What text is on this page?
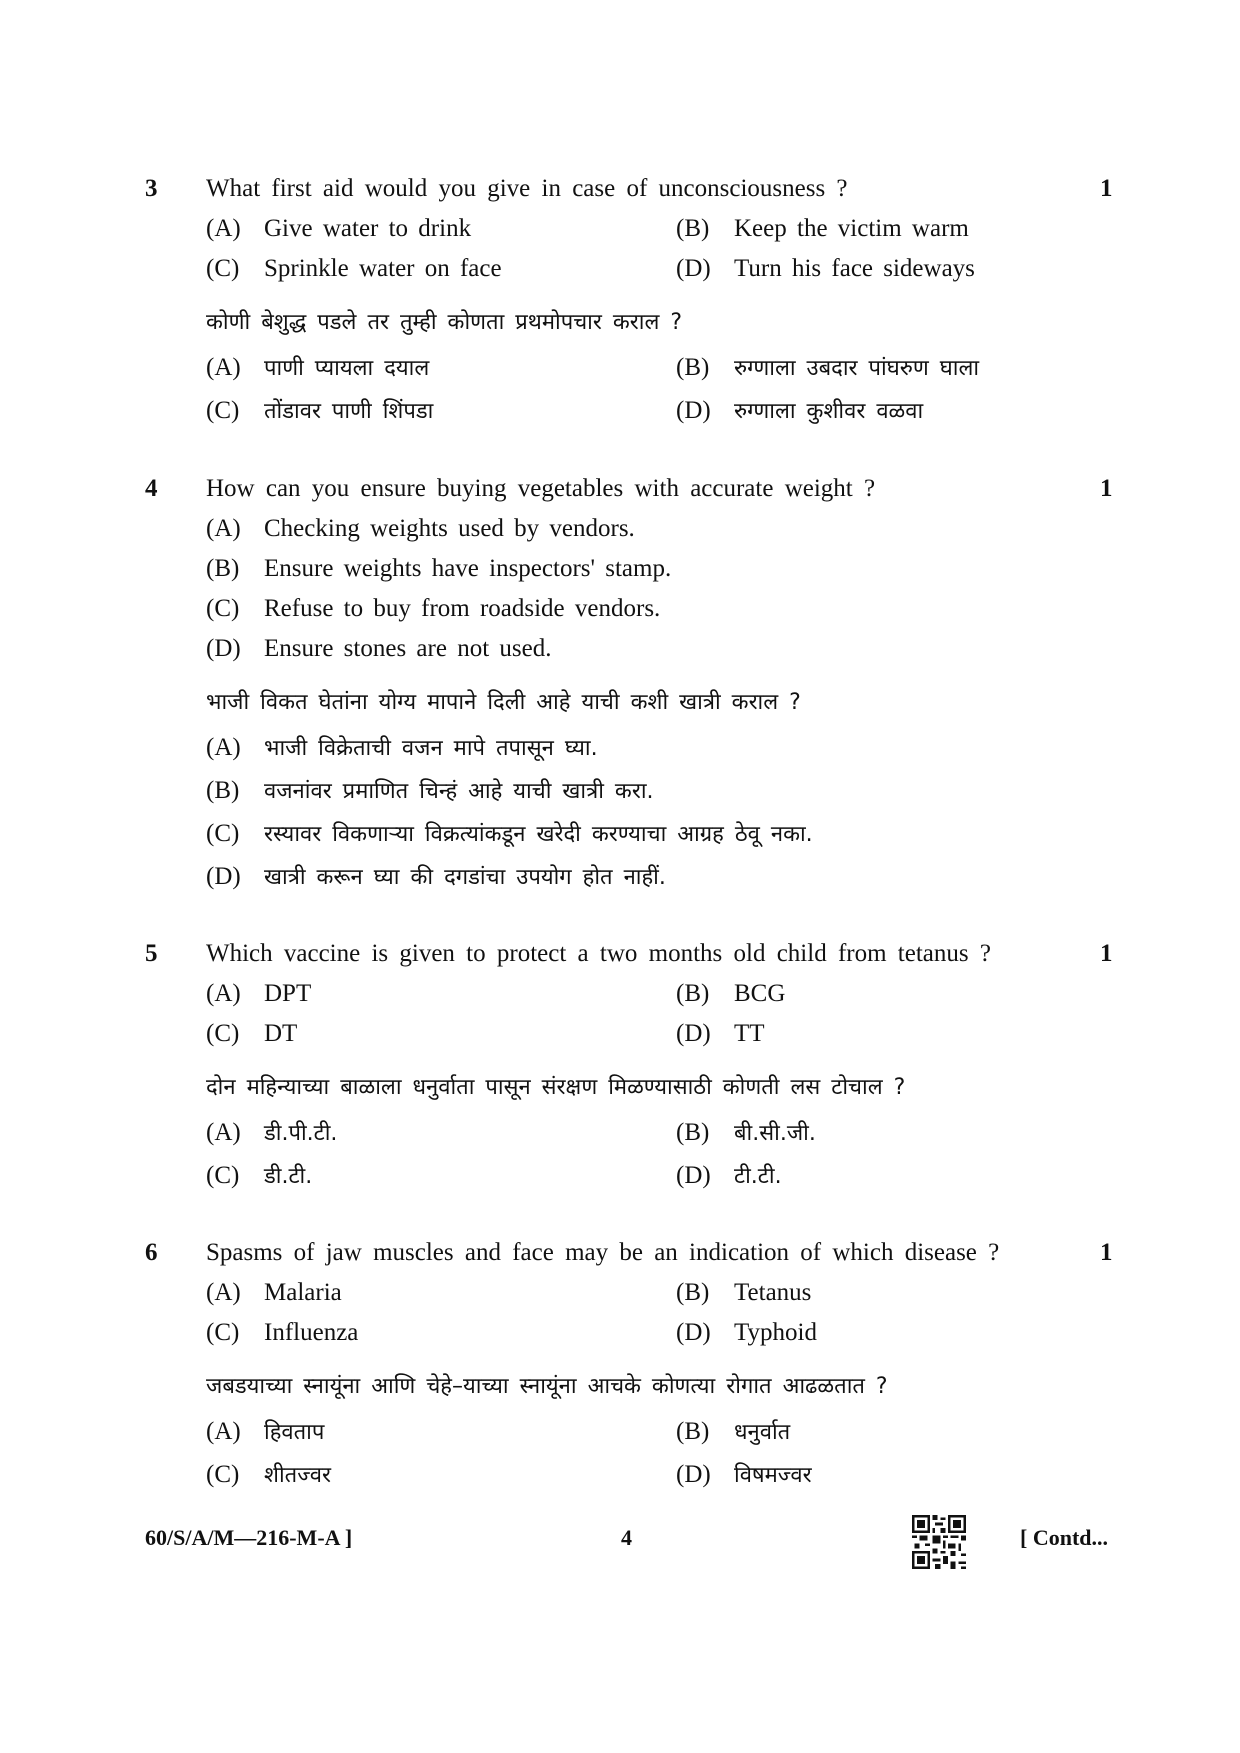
3 What first aid would you give in case of unconsciousness ?	1
(A) Give water to drink	(B) Keep the victim warm
(C) Sprinkle water on face	(D) Turn his face sideways
कोणी बेशुद्ध पडले तर तुम्ही कोणता प्रथमोपचार कराल ?
(A) पाणी प्यायला दयाल	(B) रुग्णाला उबदार पांघरुण घाला
(C) तोंडावर पाणी शिंपडा	(D) रुग्णाला कुशीवर वळवा
4 How can you ensure buying vegetables with accurate weight ?	1
(A) Checking weights used by vendors.
(B) Ensure weights have inspectors' stamp.
(C) Refuse to buy from roadside vendors.
(D) Ensure stones are not used.
भाजी विकत घेतांना योग्य मापाने दिली आहे याची कशी खात्री कराल ?
(A) भाजी विक्रेताची वजन मापे तपासून घ्या.
(B) वजनांवर प्रमाणित चिन्हं आहे याची खात्री करा.
(C) रस्यावर विकणाऱ्या विक्रत्यांकडून खरेदी करण्याचा आग्रह ठेवू नका.
(D) खात्री करून घ्या की दगडांचा उपयोग होत नाहीं.
5 Which vaccine is given to protect a two months old child from tetanus ?	1
(A) DPT	(B) BCG
(C) DT	(D) TT
दोन महिन्याच्या बाळाला धनुर्वाता पासून संरक्षण मिळण्यासाठी कोणती लस टोचाल ?
(A) डी.पी.टी.	(B) बी.सी.जी.
(C) डी.टी.	(D) टी.टी.
6 Spasms of jaw muscles and face may be an indication of which disease ?	1
(A) Malaria	(B) Tetanus
(C) Influenza	(D) Typhoid
जबडयाच्या स्नायूंना आणि चेहे–याच्या स्नायूंना आचके कोणत्या रोगात आढळतात ?
(A) हिवताप	(B) धनुर्वात
(C) शीतज्वर	(D) विषमज्वर
60/S/A/M—216-M-A ]	4	[ Contd...
